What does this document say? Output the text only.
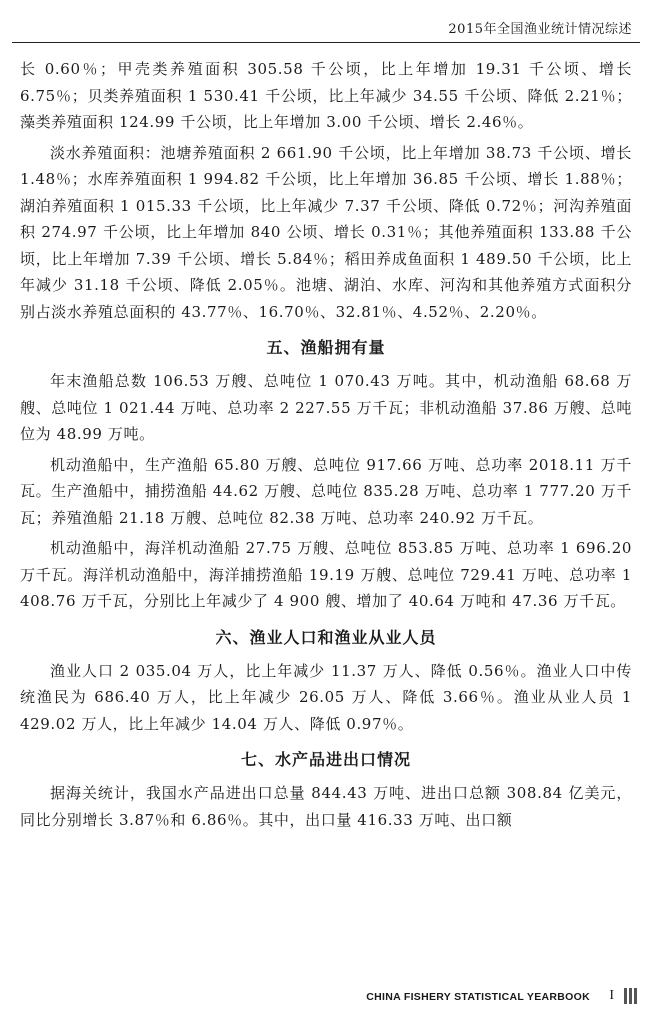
2015年全国渔业统计情况综述

长 0.60％；甲壳类养殖面积 305.58 千公顷，比上年增加 19.31 千公顷、增长 6.75％；贝类养殖面积 1 530.41 千公顷，比上年减少 34.55 千公顷、降低 2.21％；藻类养殖面积 124.99 千公顷，比上年增加 3.00 千公顷、增长 2.46％。

淡水养殖面积：池塘养殖面积 2 661.90 千公顷，比上年增加 38.73 千公顷、增长 1.48％；水库养殖面积 1 994.82 千公顷，比上年增加 36.85 千公顷、增长 1.88％；湖泊养殖面积 1 015.33 千公顷，比上年减少 7.37 千公顷、降低 0.72％；河沟养殖面积 274.97 千公顷，比上年增加 840 公顷、增长 0.31％；其他养殖面积 133.88 千公顷，比上年增加 7.39 千公顷、增长 5.84％；稻田养成鱼面积 1 489.50 千公顷，比上年减少 31.18 千公顷、降低 2.05％。池塘、湖泊、水库、河沟和其他养殖方式面积分别占淡水养殖总面积的 43.77％、16.70％、32.81％、4.52％、2.20％。

五、渔船拥有量

年末渔船总数 106.53 万艘、总吨位 1 070.43 万吨。其中，机动渔船 68.68 万艘、总吨位 1 021.44 万吨、总功率 2 227.55 万千瓦；非机动渔船 37.86 万艘、总吨位为 48.99 万吨。

机动渔船中，生产渔船 65.80 万艘、总吨位 917.66 万吨、总功率 2018.11 万千瓦。生产渔船中，捕捞渔船 44.62 万艘、总吨位 835.28 万吨、总功率 1 777.20 万千瓦；养殖渔船 21.18 万艘、总吨位 82.38 万吨、总功率 240.92 万千瓦。

机动渔船中，海洋机动渔船 27.75 万艘、总吨位 853.85 万吨、总功率 1 696.20 万千瓦。海洋机动渔船中，海洋捕捞渔船 19.19 万艘、总吨位 729.41 万吨、总功率 1 408.76 万千瓦，分别比上年减少了 4 900 艘、增加了 40.64 万吨和 47.36 万千瓦。

六、渔业人口和渔业从业人员

渔业人口 2 035.04 万人，比上年减少 11.37 万人、降低 0.56％。渔业人口中传统渔民为 686.40 万人，比上年减少 26.05 万人、降低 3.66％。渔业从业人员 1 429.02 万人，比上年减少 14.04 万人、降低 0.97％。

七、水产品进出口情况

据海关统计，我国水产品进出口总量 844.43 万吨、进出口总额 308.84 亿美元，同比分别增长 3.87％和 6.86％。其中，出口量 416.33 万吨、出口额

CHINA FISHERY STATISTICAL YEARBOOK I
